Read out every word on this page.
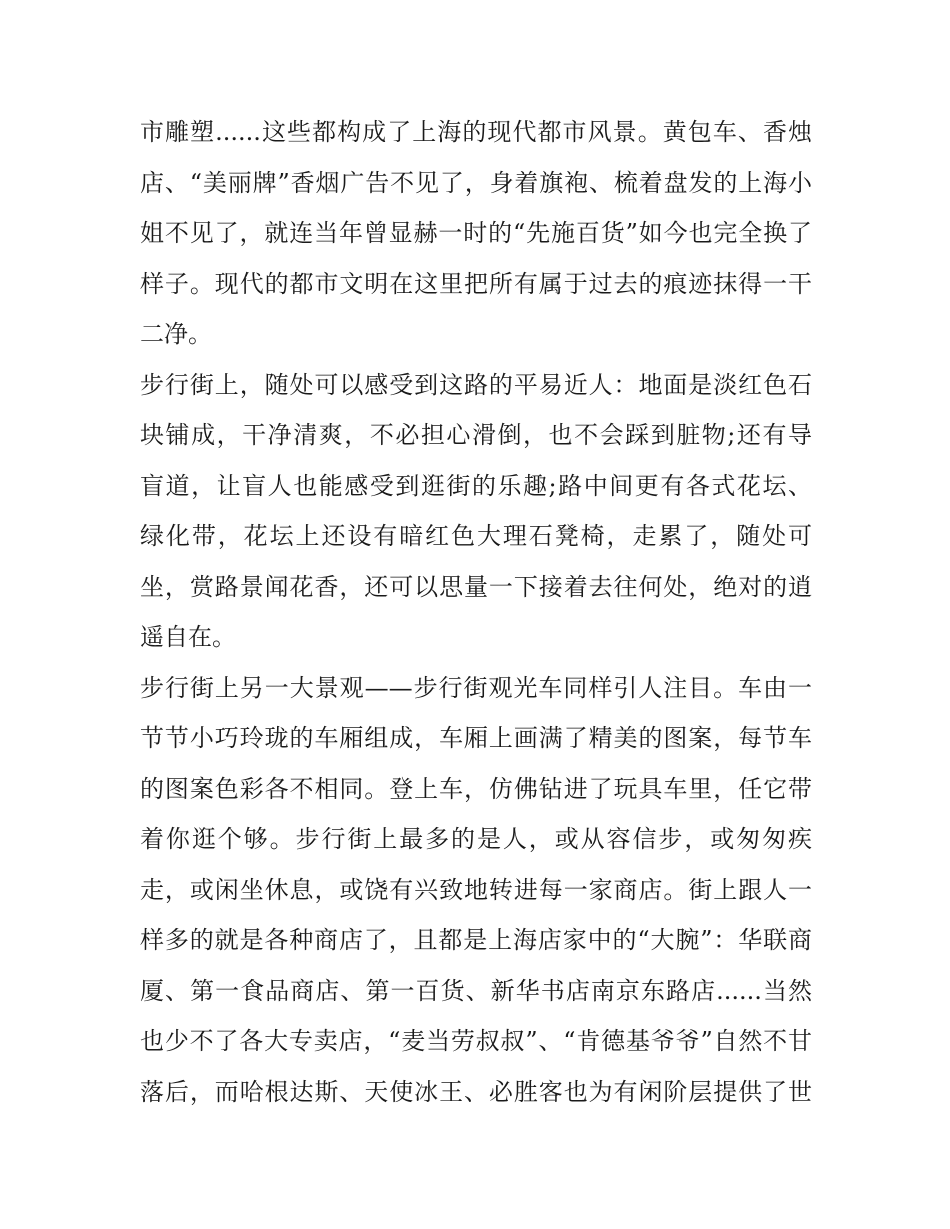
市雕塑......这些都构成了上海的现代都市风景。黄包车、香烛
店、“美丽牌”香烟广告不见了，身着旗袍、梳着盘发的上海小
姐不见了，就连当年曾显赫一时的“先施百货”如今也完全换了
样子。现代的都市文明在这里把所有属于过去的痕迹抹得一干
二净。
步行街上，随处可以感受到这路的平易近人：地面是淡红色石
块铺成，干净清爽，不必担心滑倒，也不会踩到脏物;还有导
盲道，让盲人也能感受到逛街的乐趣;路中间更有各式花坛、
绿化带，花坛上还设有暗红色大理石凳椅，走累了，随处可
坐，赏路景闻花香，还可以思量一下接着去往何处，绝对的逍
遥自在。
步行街上另一大景观——步行街观光车同样引人注目。车由一
节节小巧玲珑的车厢组成，车厢上画满了精美的图案，每节车
的图案色彩各不相同。登上车，仿佛钻进了玩具车里，任它带
着你逛个够。步行街上最多的是人，或从容信步，或匆匆疾
走，或闲坐休息，或饶有兴致地转进每一家商店。街上跟人一
样多的就是各种商店了，且都是上海店家中的“大腕”：华联商
厦、第一食品商店、第一百货、新华书店南京东路店......当然
也少不了各大专卖店，“麦当劳叔叔”、“肯德基爷爷”自然不甘
落后，而哈根达斯、天使冰王、必胜客也为有闲阶层提供了世
